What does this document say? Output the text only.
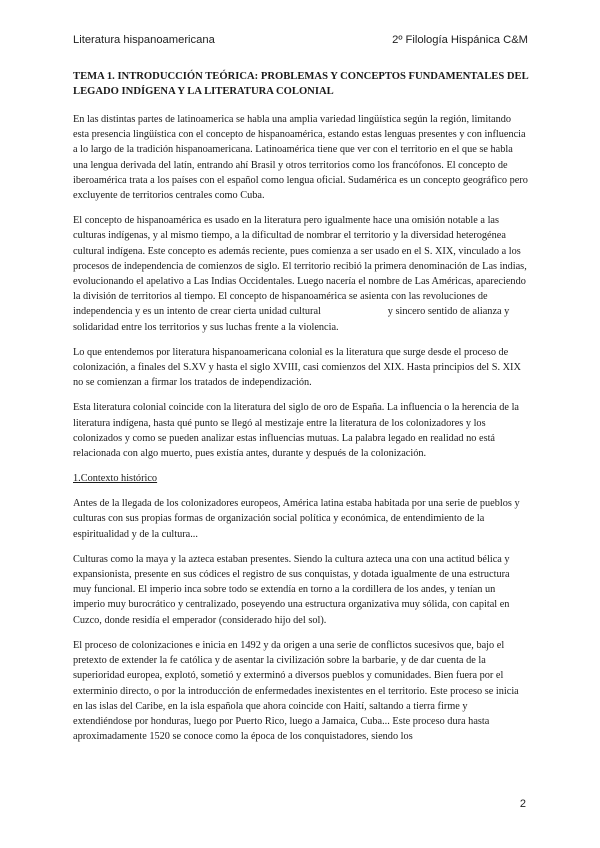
Literatura hispanoamericana	2º Filología Hispánica C&M
TEMA 1. INTRODUCCIÓN TEÓRICA: PROBLEMAS Y CONCEPTOS FUNDAMENTALES DEL LEGADO INDÍGENA Y LA LITERATURA COLONIAL

En las distintas partes de latinoamerica se habla una amplia variedad lingüística según la región, limitando esta presencia lingüística con el concepto de hispanoamérica, estando estas lenguas presentes y con influencia a lo largo de la tradición hispanoamericana. Latinoamérica tiene que ver con el territorio en el que se habla una lengua derivada del latín, entrando ahí Brasil y otros territorios como los francófonos. El concepto de iberoamérica trata a los países con el español como lengua oficial. Sudamérica es un concepto geográfico pero excluyente de territorios centrales como Cuba.

El concepto de hispanoamérica es usado en la literatura pero igualmente hace una omisión notable a las culturas indígenas, y al mismo tiempo, a la dificultad de nombrar el territorio y la diversidad heterogénea cultural indígena. Este concepto es además reciente, pues comienza a ser usado en el S. XIX, vinculado a los procesos de independencia de comienzos de siglo. El territorio recibió la primera denominación de Las indias, evolucionando el apelativo a Las Indias Occidentales. Luego nacería el nombre de Las Américas, apareciendo la división de territorios al tiempo. El concepto de hispanoamérica se asienta con las revoluciones de independencia y es un intento de crear cierta unidad cultural                          y sincero sentido de alianza y solidaridad entre los territorios y sus luchas frente a la violencia.

Lo que entendemos por literatura hispanoamericana colonial es la literatura que surge desde el proceso de colonización, a finales del S.XV y hasta el siglo XVIII, casi comienzos del XIX. Hasta principios del S. XIX no se comienzan a firmar los tratados de independización.

Esta literatura colonial coincide con la literatura del siglo de oro de España. La influencia o la herencia de la literatura indígena, hasta qué punto se llegó al mestizaje entre la literatura de los colonizadores y los colonizados y como se pueden analizar estas influencias mutuas. La palabra legado en realidad no está relacionada con algo muerto, pues existía antes, durante y después de la colonización.

1.Contexto histórico

Antes de la llegada de los colonizadores europeos, América latina estaba habitada por una serie de pueblos y culturas con sus propias formas de organización social política y económica, de entendimiento de la espiritualidad y de la cultura...

Culturas como la maya y la azteca estaban presentes. Siendo la cultura azteca una con una actitud bélica y expansionista, presente en sus códices el registro de sus conquistas, y dotada igualmente de una estructura muy funcional. El imperio inca sobre todo se extendía en torno a la cordillera de los andes, y tenían un imperio muy burocrático y centralizado, poseyendo una estructura organizativa muy sólida, con capital en Cuzco, donde residía el emperador (considerado hijo del sol).

El proceso de colonizaciones e inicia en 1492 y da origen a una serie de conflictos sucesivos que, bajo el pretexto de extender la fe católica y de asentar la civilización sobre la barbarie, y de dar cuenta de la superioridad europea, explotó, sometió y exterminó a diversos pueblos y comunidades. Bien fuera por el exterminio directo, o por la introducción de enfermedades inexistentes en el territorio. Este proceso se inicia en las islas del Caribe, en la isla española que ahora coincide con Haití, saltando a tierra firme y extendiéndose por honduras, luego por Puerto Rico, luego a Jamaica, Cuba... Este proceso dura hasta aproximadamente 1520 se conoce como la época de los conquistadores, siendo los

2
